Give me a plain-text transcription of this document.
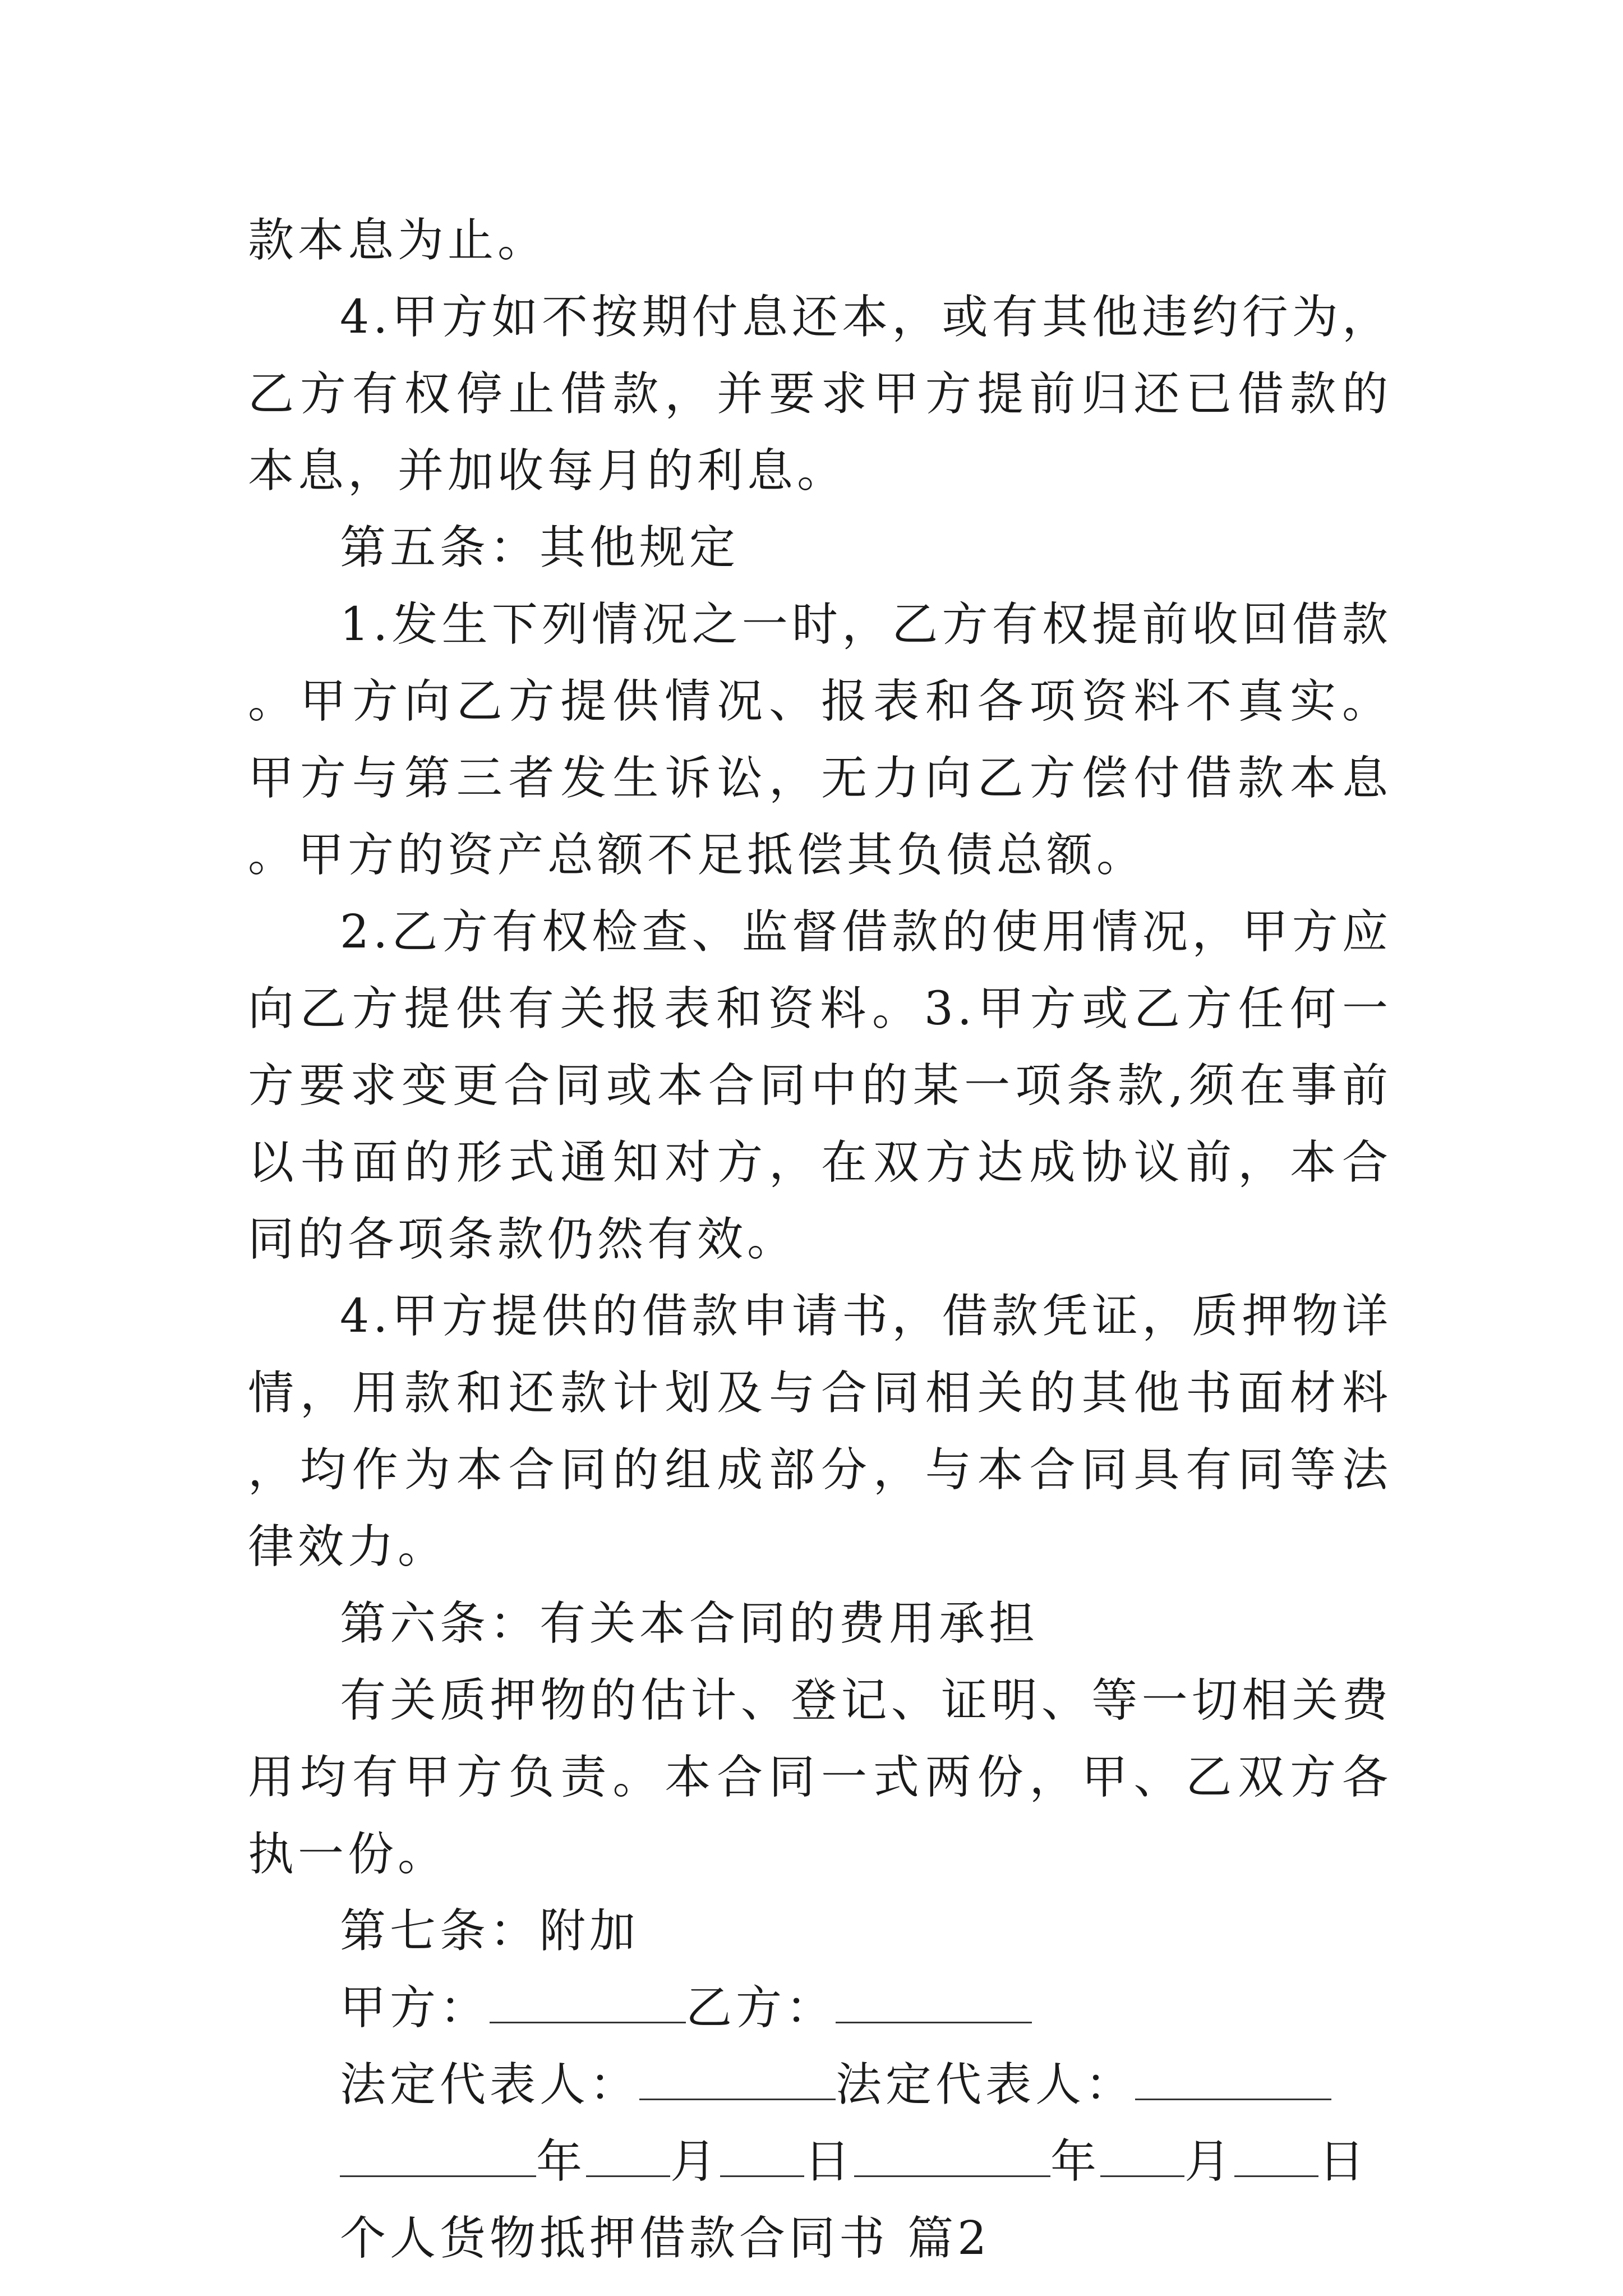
款本息为止。

4.甲方如不按期付息还本，或有其他违约行为，乙方有权停止借款，并要求甲方提前归还已借款的本息，并加收每月的利息。

第五条：其他规定

1.发生下列情况之一时，乙方有权提前收回借款。甲方向乙方提供情况、报表和各项资料不真实。甲方与第三者发生诉讼，无力向乙方偿付借款本息。甲方的资产总额不足抵偿其负债总额。

2.乙方有权检查、监督借款的使用情况，甲方应向乙方提供有关报表和资料。3.甲方或乙方任何一方要求变更合同或本合同中的某一项条款,须在事前以书面的形式通知对方，在双方达成协议前，本合同的各项条款仍然有效。

4.甲方提供的借款申请书，借款凭证，质押物详情，用款和还款计划及与合同相关的其他书面材料，均作为本合同的组成部分，与本合同具有同等法律效力。

第六条：有关本合同的费用承担

有关质押物的估计、登记、证明、等一切相关费用均有甲方负责。本合同一式两份，甲、乙双方各执一份。

第七条：附加

甲方：	乙方：

法定代表人：	法定代表人：

年 月 日	年 月 日

个人货物抵押借款合同书 篇2
